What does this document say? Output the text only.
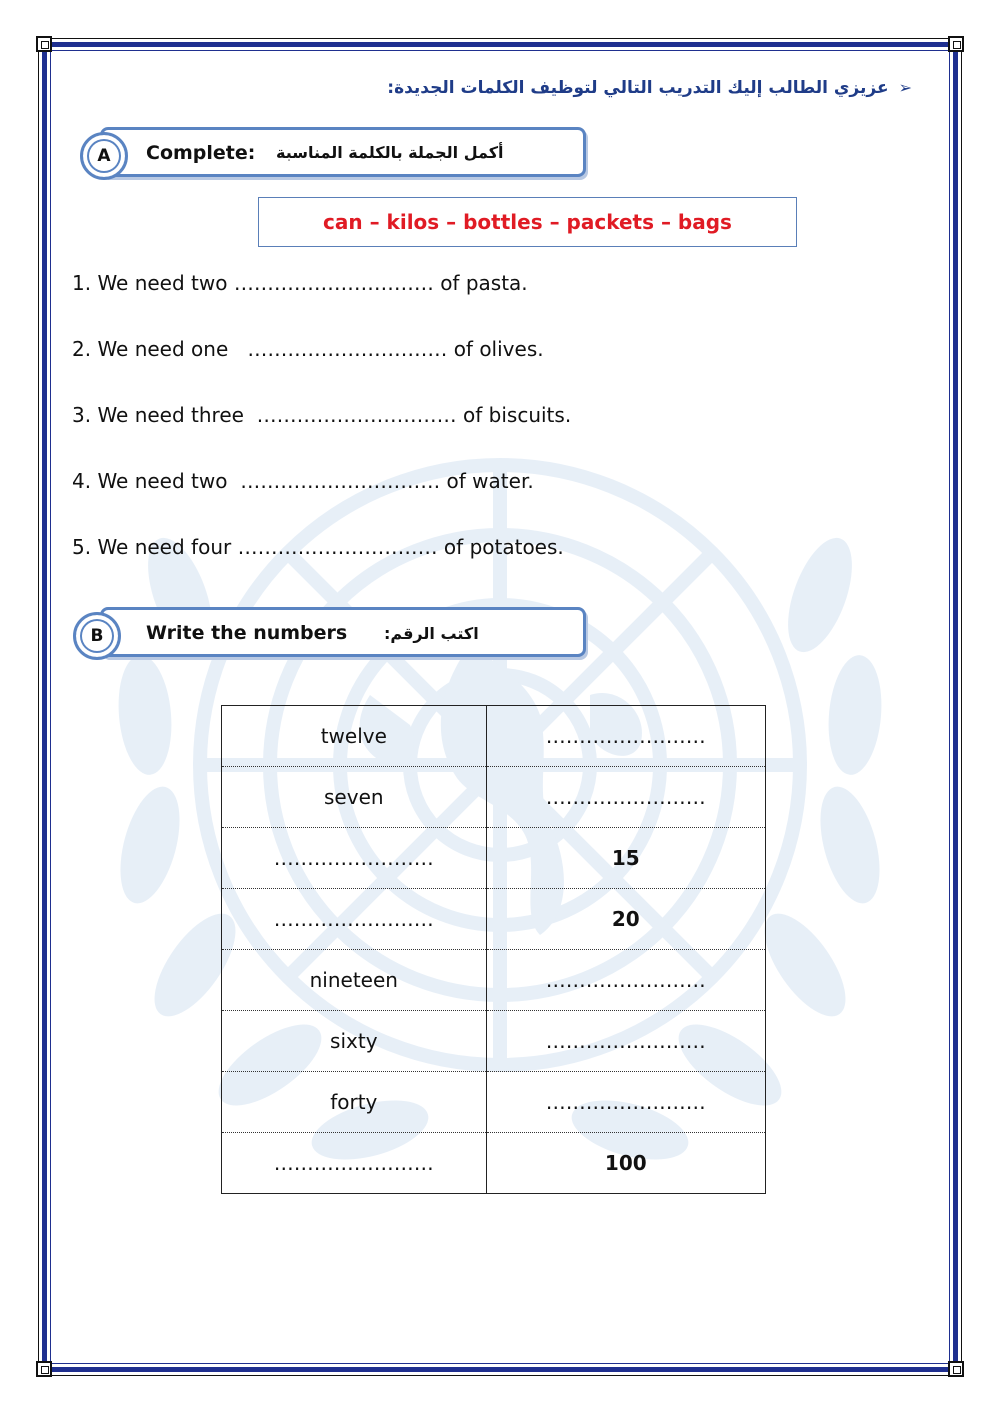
➢عزيزي الطالب إليك التدريب التالي لتوظيف الكلمات الجديدة:
A	Complete: أكمل الجملة بالكلمة المناسبة
can – kilos – bottles – packets – bags
1. We need two ………………………… of pasta.
2. We need one   ………………………… of olives.
3. We need three  ………………………… of biscuits.
4. We need two  ………………………… of water.
5. We need four ………………………… of potatoes.
B	Write the numbers اكتب الرقم:
twelve	……………………
seven	……………………
……………………	15
……………………	20
nineteen	……………………
sixty	……………………
forty	……………………
……………………	100
